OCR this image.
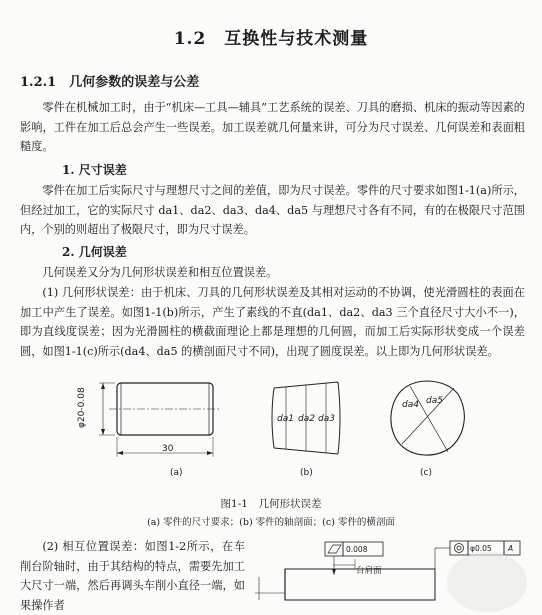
1.2　互换性与技术测量
1.2.1　几何参数的误差与公差

零件在机械加工时，由于“机床—工具—辅具”工艺系统的误差、刀具的磨损、机床的振动等因素的影响，工件在加工后总会产生一些误差。加工误差就几何量来讲，可分为尺寸误差、几何误差和表面粗糙度。

1. 尺寸误差

零件在加工后实际尺寸与理想尺寸之间的差值，即为尺寸误差。零件的尺寸要求如图1-1(a)所示，但经过加工，它的实际尺寸 da1、da2、da3、da4、da5 与理想尺寸各有不同，有的在极限尺寸范围内，个别的则超出了极限尺寸，即为尺寸误差。

2. 几何误差

几何误差又分为几何形状误差和相互位置误差。

(1) 几何形状误差：由于机床、刀具的几何形状误差及其相对运动的不协调，使光滑圆柱的表面在加工中产生了误差。如图1-1(b)所示，产生了素线的不直(da1、da2、da3 三个直径尺寸大小不一)，即为直线度误差；因为光滑圆柱的横截面理论上都是理想的几何圆，而加工后实际形状变成一个误差圆，如图1-1(c)所示(da4、da5 的横剖面尺寸不同)，出现了圆度误差。以上即为几何形状误差。

φ20-0.08
30
(a)
da1 da2 da3
(b)
da4 da5
(c)
图1-1　几何形状误差
(a) 零件的尺寸要求；(b) 零件的轴剖面；(c) 零件的横剖面

(2) 相互位置误差：如图1-2所示，在车削台阶轴时，由于其结构的特点，需要先加工大尺寸一端，然后再调头车削小直径一端，如果操作者

0.008	φ0.05 A
台肩面
